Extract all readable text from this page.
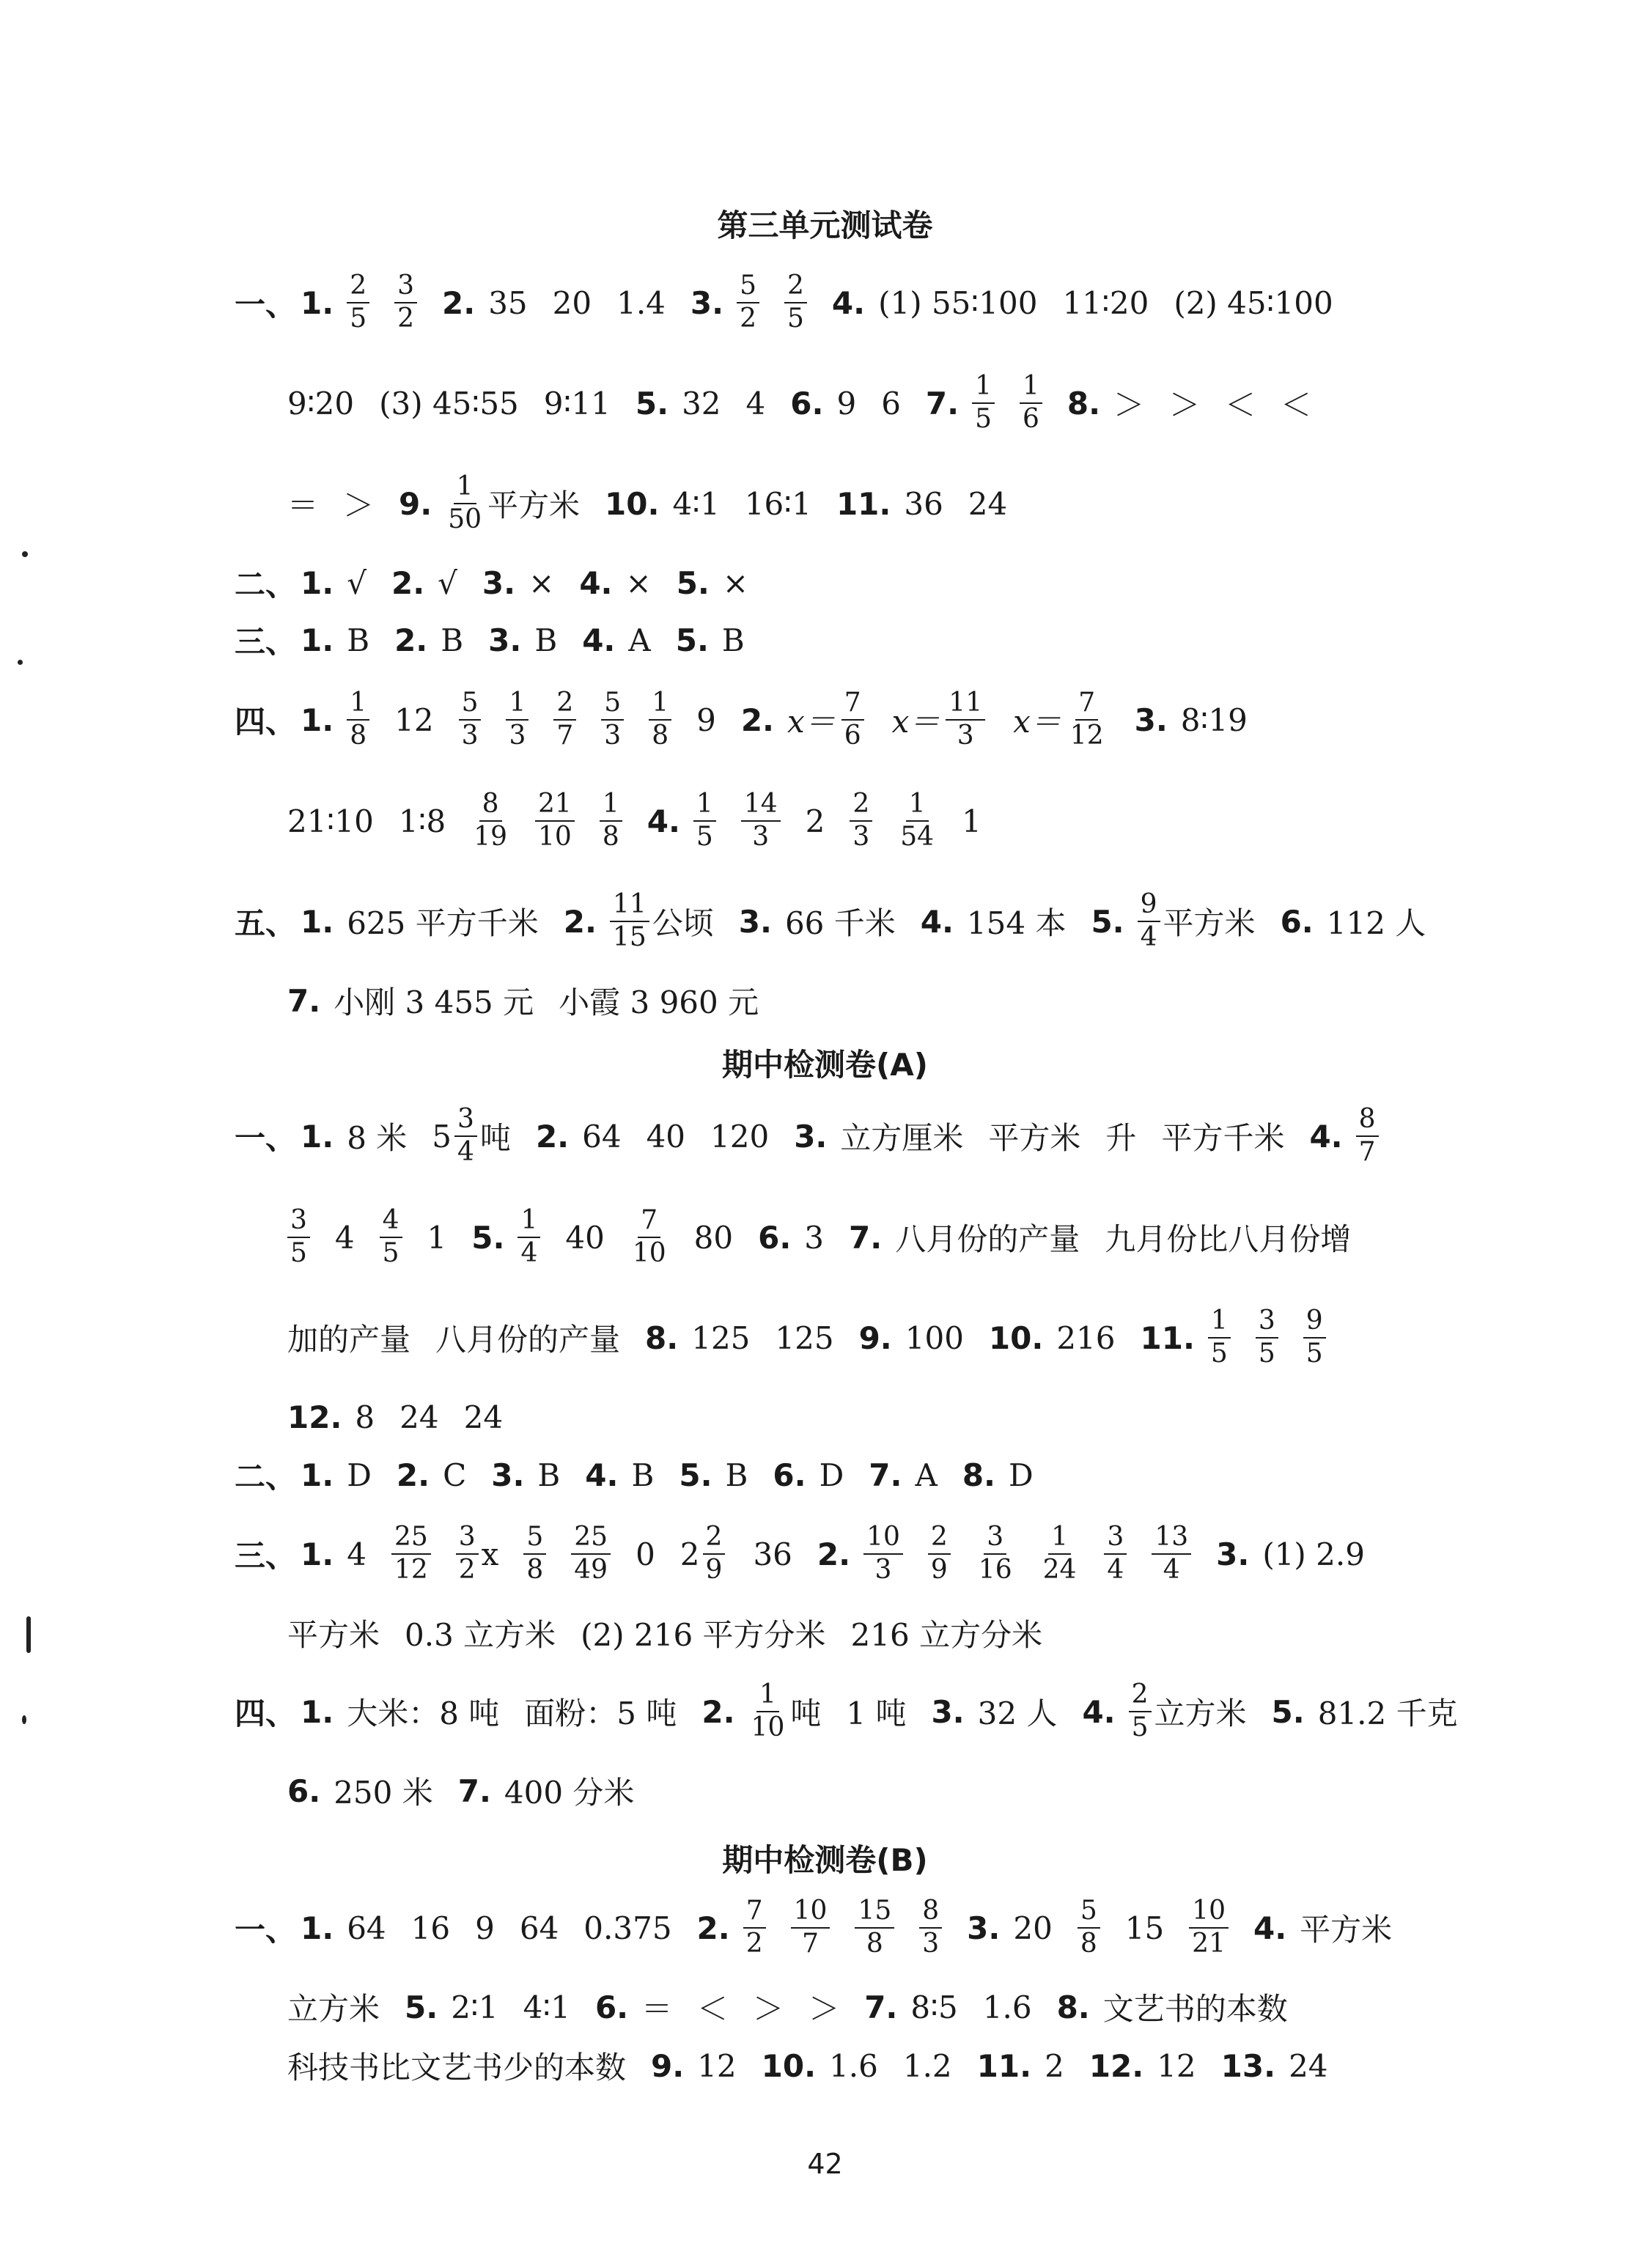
第三单元测试卷
一、 1. $\frac{2}{5} \frac{3}{2} 2$. 35 20 1.4 3. $\frac{5}{2} \frac{2}{5} 4$. (1) 55∶100 11∶20 (2) 45∶100
9∶20 (3) 45∶55 9∶11 5. 32 4 6. 9 6 7. $\frac{1}{5} \frac{1}{6} 8$. ＞ ＞ ＜ ＜
＝ ＞ 9. $\frac{1}{50}$ 平方米 10. 4∶1 16∶1 11. 36 24
二、 1. √ 2. √ 3. × 4. × 5. ×
三、 1. B 2. B 3. B 4. A 5. B
四、 1. $\frac{1}{8} 12 \frac{5}{3} \frac{1}{3} \frac{2}{7} \frac{5}{3} \frac{1}{8} 9$ 2. $x= \frac{7}{6} x= \frac{11}{3} x= \frac{7}{12} 3$. 8∶19
21∶10 1∶8 $\frac{8}{19} \frac{21}{10} \frac{1}{8} 4$. $\frac{1}{5} \frac{14}{3} 2 \frac{2}{3} \frac{1}{54} 1$
五、 1. 625 平方千米 2. $\frac{11}{15}$ 公顷 3. 66 千米 4. 154 本 5. $\frac{9}{4}$ 平方米 6. 112 人
7. 小刚 3 455 元 小霞 3 960 元
期中检测卷(A)
一、 1. 8 米 $5 \frac{3}{4}$ 吨 2. 64 40 120 3. 立方厘米 平方米 升 平方千米 4. $\frac{8}{7}$
$\frac{3}{5} 4 \frac{4}{5} 1$ 5. $\frac{1}{4} 40 \frac{7}{10} 80$ 6. 3 7. 八月份的产量 九月份比八月份增
加的产量 八月份的产量 8. 125 125 9. 100 10. 216 11. $\frac{1}{5} \frac{3}{5} \frac{9}{5}$
12. 8 24 24
二、 1. D 2. C 3. B 4. B 5. B 6. D 7. A 8. D
三、 1. $4 \frac{25}{12} \frac{3}{2}$ x $\frac{5}{8} \frac{25}{49} 0$ $2 \frac{2}{9} 36$ 2. $\frac{10}{3} \frac{2}{9} \frac{3}{16} \frac{1}{24} \frac{3}{4} \frac{13}{4} 3$. (1) 2.9
平方米 0.3 立方米 (2) 216 平方分米 216 立方分米
四、 1. 大米：8 吨 面粉：5 吨 2. $\frac{1}{10}$ 吨 1 吨 3. 32 人 4. $\frac{2}{5}$ 立方米 5. 81.2 千克
6. 250 米 7. 400 分米
期中检测卷(B)
一、 1. 64 16 9 64 0.375 2. $\frac{7}{2} \frac{10}{7} \frac{15}{8} \frac{8}{3} 3$. $20 \frac{5}{8} 15 \frac{10}{21} 4$. 平方米
立方米 5. 2∶1 4∶1 6. ＝ ＜ ＞ ＞ 7. 8∶5 1.6 8. 文艺书的本数
科技书比文艺书少的本数 9. 12 10. 1.6 1.2 11. 2 12. 12 13. 24
42
